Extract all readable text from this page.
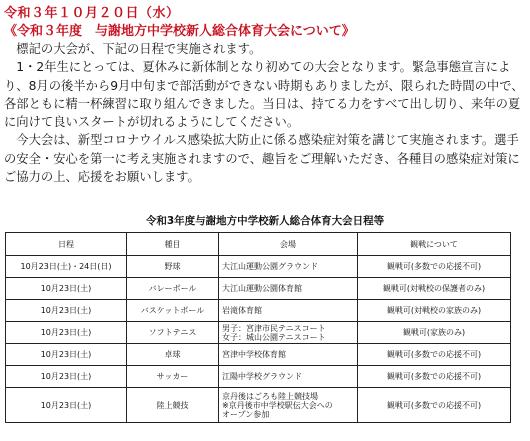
令和３年１０月２０日（水）
《令和３年度　与謝地方中学校新人総合体育大会について》

標記の大会が、下記の日程で実施されます。

1・2年生にとっては、夏休みに新体制となり初めての大会となります。緊急事態宣言により、8月の後半から9月中旬まで部活動ができない時期もありましたが、限られた時間の中で、各部ともに精一杯練習に取り組んできました。当日は、持てる力をすべて出し切り、来年の夏に向けて良いスタートが切れるようにしてください。

今大会は、新型コロナウイルス感染拡大防止に係る感染症対策を講じて実施されます。選手の安全・安心を第一に考え実施されますので、趣旨をご理解いただき、各種目の感染症対策にご協力の上、応援をお願いします。

令和3年度与謝地方中学校新人総合体育大会日程等
日程	種目	会場	観戦について
10月23日(土)・24日(日)	野球	大江山運動公園グラウンド	観戦可(多数での応援不可)
10月23日(土)	バレーボール	大江山運動公園体育館	観戦可(対戦校の保護者のみ)
10月23日(土)	バスケットボール	岩滝体育館	観戦可(対戦校の家族のみ)
10月23日(土)	ソフトテニス	男子：宮津市民テニスコート
女子：城山公園テニスコート	観戦可(家族のみ)
10月23日(土)	卓球	宮津中学校体育館	観戦可(多数での応援不可)
10月23日(土)	サッカー	江陽中学校グラウンド	観戦可(多数での応援不可)
10月23日(土)	陸上競技	京丹後はごろも陸上競技場
※京丹後市中学校駅伝大会への
オープン参加	観戦可(多数での応援不可)
